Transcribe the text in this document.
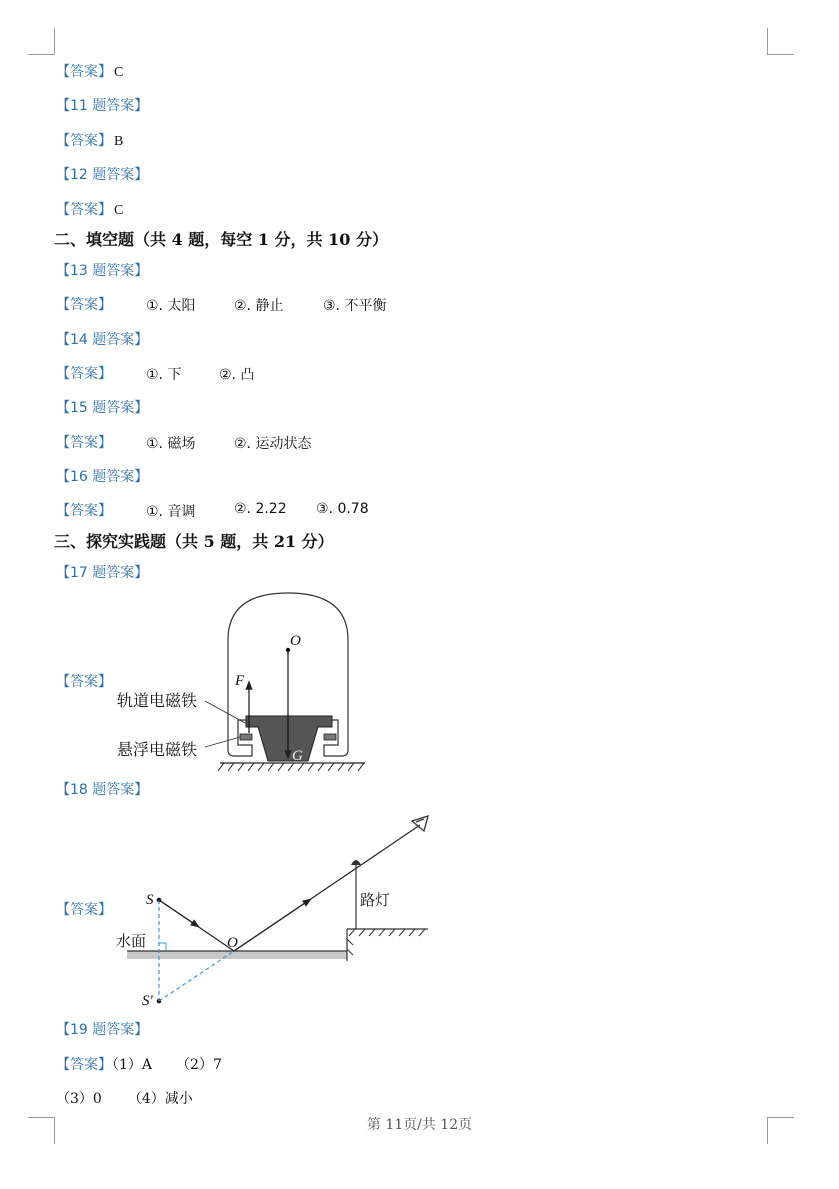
【答案】 C
【11 题答案】
【答案】 B
【12 题答案】
【答案】 C
二、填空题（共 4 题，每空 1 分，共 10 分）
【13 题答案】
【答案】 ①. 太阳	②. 静止	③. 不平衡
【14 题答案】
【答案】 ①. 下	②. 凸
【15 题答案】
【答案】 ①. 磁场	②. 运动状态
【16 题答案】
【答案】 ①. 音调	②. 2.22 ③. 0.78
三、探究实践题（共 5 题，共 21 分）
【17 题答案】
【答案】
O
F
G
轨道电磁铁
悬浮电磁铁
【18 题答案】
【答案】
S
S′
O
水面
路灯
【19 题答案】
【答案】（1）A （2）7
（3）0 （4）减小
第 11页/共 12页
